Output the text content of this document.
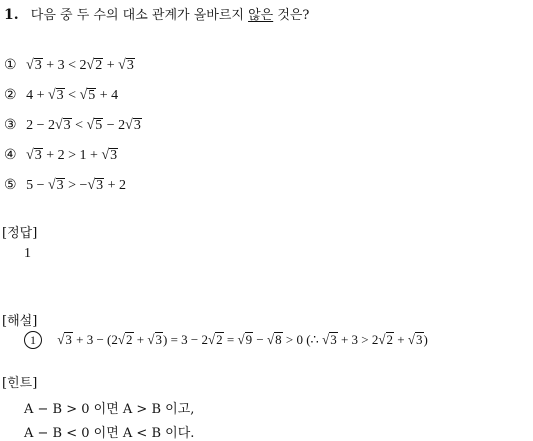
1. 다음 중 두 수의 대소 관계가 올바르지 않은 것은?
① √3 + 3 < 2√2 + √3
② 4 + √3 < √5 + 4
③ 2 − 2√3 < √5 − 2√3
④ √3 + 2 > 1 + √3
⑤ 5 − √3 > −√3 + 2
[정답]
1
[해설]
1 √3 + 3 − (2√2 + √3) = 3 − 2√2 = √9 − √8 > 0 (∴ √3 + 3 > 2√2 + √3)
[힌트]
A − B > 0 이면 A > B 이고,
A − B < 0 이면 A < B 이다.
